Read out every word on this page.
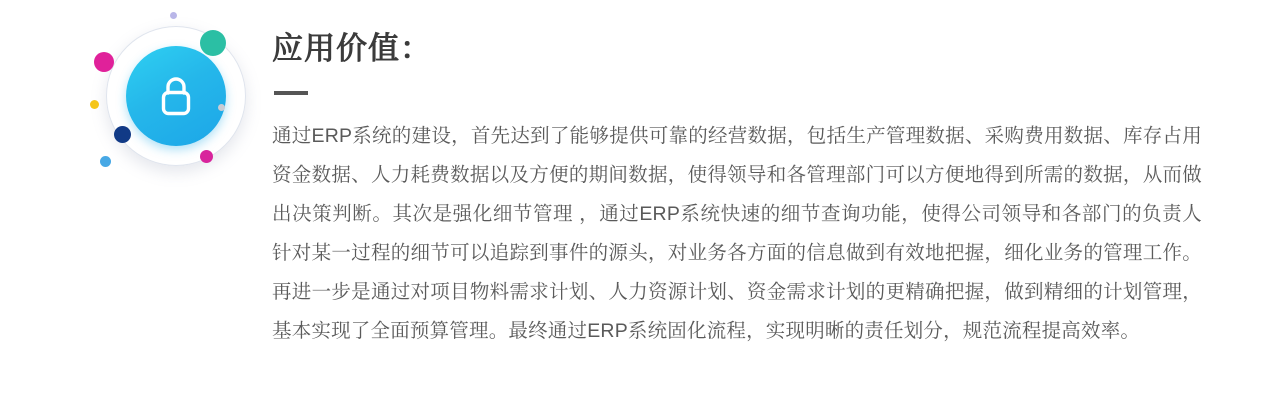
应用价值：

通过ERP系统的建设，首先达到了能够提供可靠的经营数据，包括生产管理数据、采购费用数据、库存占用资金数据、人力耗费数据以及方便的期间数据，使得领导和各管理部门可以方便地得到所需的数据，从而做出决策判断。其次是强化细节管理 ，通过ERP系统快速的细节查询功能，使得公司领导和各部门的负责人针对某一过程的细节可以追踪到事件的源头，对业务各方面的信息做到有效地把握，细化业务的管理工作。再进一步是通过对项目物料需求计划、人力资源计划、资金需求计划的更精确把握，做到精细的计划管理，基本实现了全面预算管理。最终通过ERP系统固化流程，实现明晰的责任划分，规范流程提高效率。
